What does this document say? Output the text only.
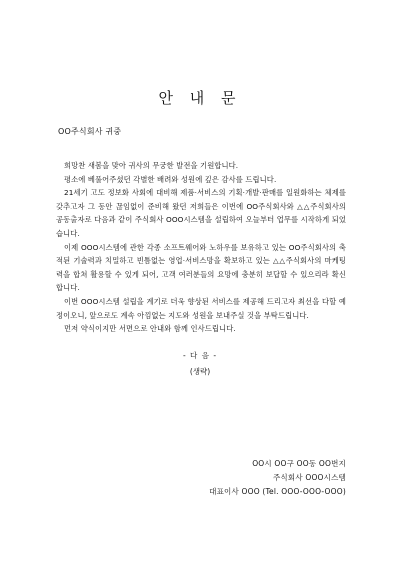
안 내 문
OO주식회사 귀중

희망찬 새봄을 맞아 귀사의 무궁한 발전을 기원합니다.

평소에 베풀어주셨던 각별한 배려와 성원에 깊은 감사를 드립니다.

21세기 고도 정보화 사회에 대비해 제품·서비스의 기획·개발·판매를 일원화하는 체제를 갖추고자 그 동안 끊임없이 준비해 왔던 저희들은 이번에 OO주식회사와 △△주식회사의 공동출자로 다음과 같이 주식회사 OOO시스템을 설립하여 오늘부터 업무를 시작하게 되었습니다.

이제 OOO시스템에 관한 각종 소프트웨어와 노하우를 보유하고 있는 OO주식회사의 축적된 기술력과 치밀하고 빈틈없는 영업·서비스망을 확보하고 있는 △△주식회사의 마케팅력을 합쳐 활용할 수 있게 되어, 고객 여러분들의 요망에 충분히 보답할 수 있으리라 확신합니다.

이번 OOO시스템 설립을 계기로 더욱 향상된 서비스를 제공해 드리고자 최선을 다할 예정이오니, 앞으로도 계속 아낌없는 지도와 성원을 보내주실 것을 부탁드립니다.

먼저 약식이지만 서면으로 안내와 함께 인사드립니다.

- 다 음 -
(생략)
OO시 OO구 OO동 OO번지
주식회사 OOO시스템
대표이사 OOO (Tel. OOO-OOO-OOO)
